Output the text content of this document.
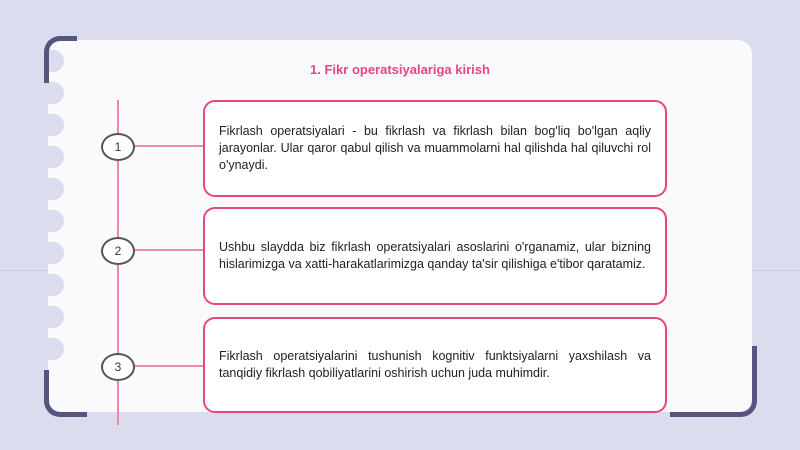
1. Fikr operatsiyalariga kirish
1
Fikrlash operatsiyalari - bu fikrlash va fikrlash bilan bog'liq bo'lgan aqliy jarayonlar. Ular qaror qabul qilish va muammolarni hal qilishda hal qiluvchi rol o'ynaydi.
2	Ushbu slaydda biz fikrlash operatsiyalari asoslarini o'rganamiz, ular bizning hislarimizga va xatti-harakatlarimizga qanday ta'sir qilishiga e'tibor qaratamiz.
3
Fikrlash operatsiyalarini tushunish kognitiv funktsiyalarni yaxshilash va tanqidiy fikrlash qobiliyatlarini oshirish uchun juda muhimdir.
